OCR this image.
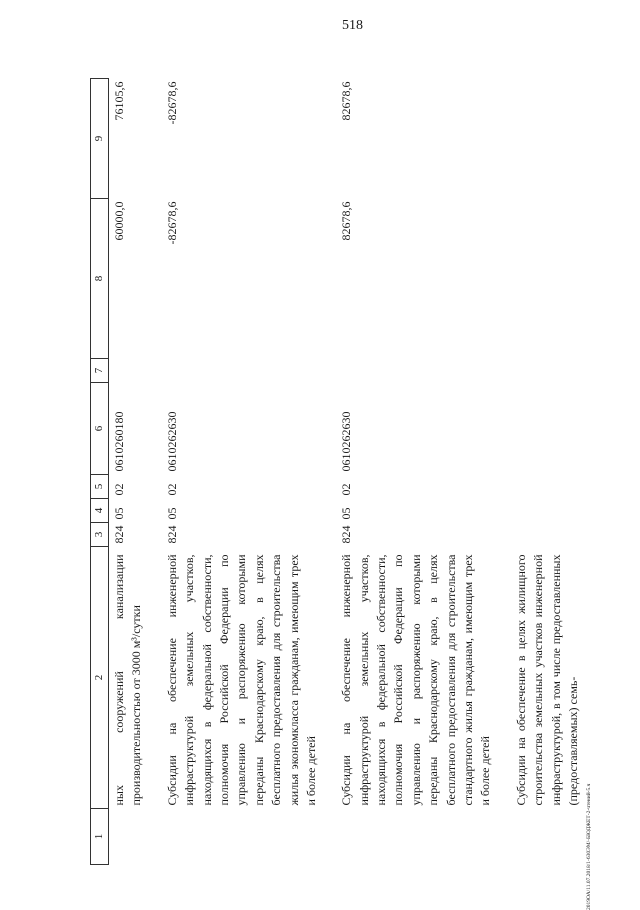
518
2019ОА/11.07.2018/1-630ЭМ/-БЮДЖЕТ-2-чтений-5.ч
1	2	3	4	5	6	7	8	9
	ных сооружений канализации производительностью от 3000 м³/сутки	824	05	02	0610260180		60000,0	76105,6

	Субсидии на обеспечение инженерной инфраструктурой земельных участков, находящихся в федеральной собственности, полномочия Российской Федерации по управлению и распоряжению которыми переданы Краснодарскому краю, в целях бесплатного предоставления для строительства жилья экономкласса гражданам, имеющим трех и более детей	824	05	02	0610262630		-82678,6	-82678,6

	Субсидии на обеспечение инженерной инфраструктурой земельных участков, находящихся в федеральной собственности, полномочия Российской Федерации по управлению и распоряжению которыми переданы Краснодарскому краю, в целях бесплатного предоставления для строительства стандартного жилья гражданам, имеющим трех и более детей	824	05	02	0610262630		82678,6	82678,6

	Субсидии на обеспечение в целях жилищного строительства земельных участков инженерной инфраструктурой, в том числе предоставленных (предоставляемых) семь-							
